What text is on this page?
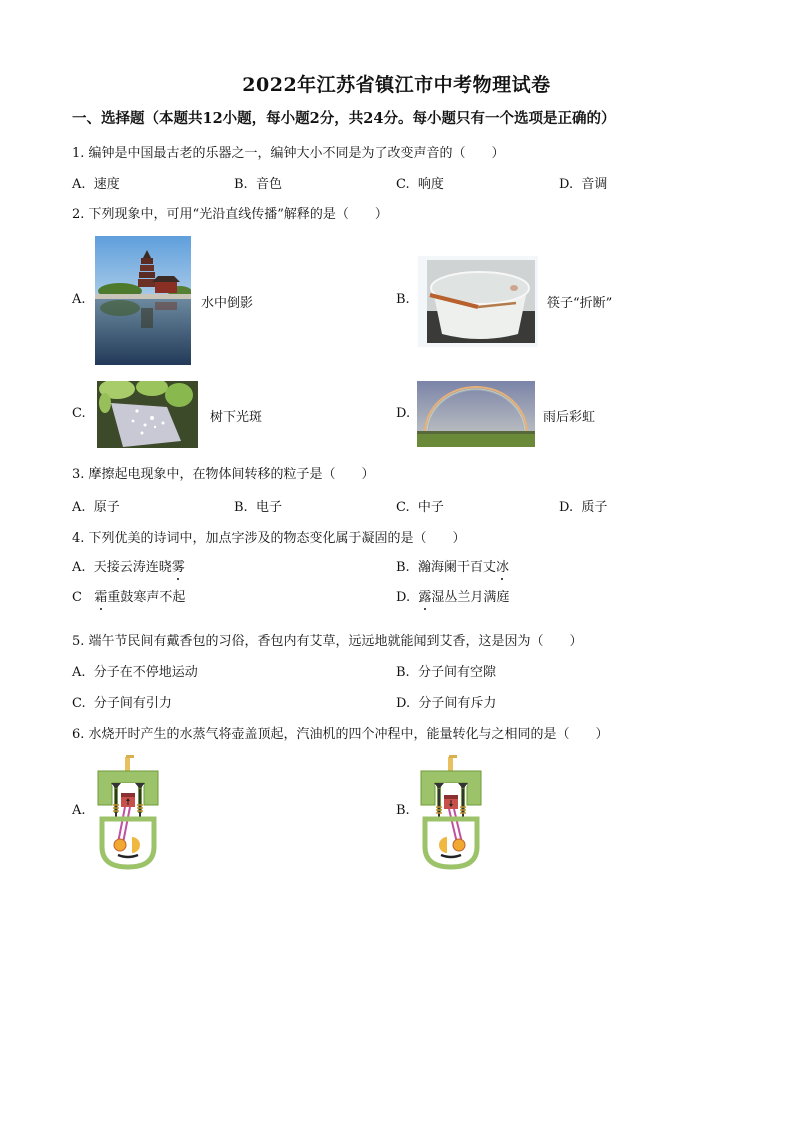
2022年江苏省镇江市中考物理试卷
一、选择题（本题共12小题，每小题2分，共24分。每小题只有一个选项是正确的）
1. 编钟是中国最古老的乐器之一，编钟大小不同是为了改变声音的（　　）
A. 速度	B. 音色	C. 响度	D. 音调
2. 下列现象中，可用“光沿直线传播”解释的是（　　）
A.	水中倒影	B.	筷子“折断”
C.	树下光斑	D.	雨后彩虹
3. 摩擦起电现象中，在物体间转移的粒子是（　　）
A. 原子	B. 电子	C. 中子	D. 质子
4. 下列优美的诗词中，加点字涉及的物态变化属于凝固的是（　　）
A. 天接云涛连晓雾	B. 瀚海阑干百丈冰
C 霜重鼓寒声不起	D. 露湿丛兰月满庭
5. 端午节民间有戴香包的习俗，香包内有艾草，远远地就能闻到艾香，这是因为（　　）
A. 分子在不停地运动	B. 分子间有空隙
C. 分子间有引力	D. 分子间有斥力
6. 水烧开时产生的水蒸气将壶盖顶起，汽油机的四个冲程中，能量转化与之相同的是（　　）
A.	B.
